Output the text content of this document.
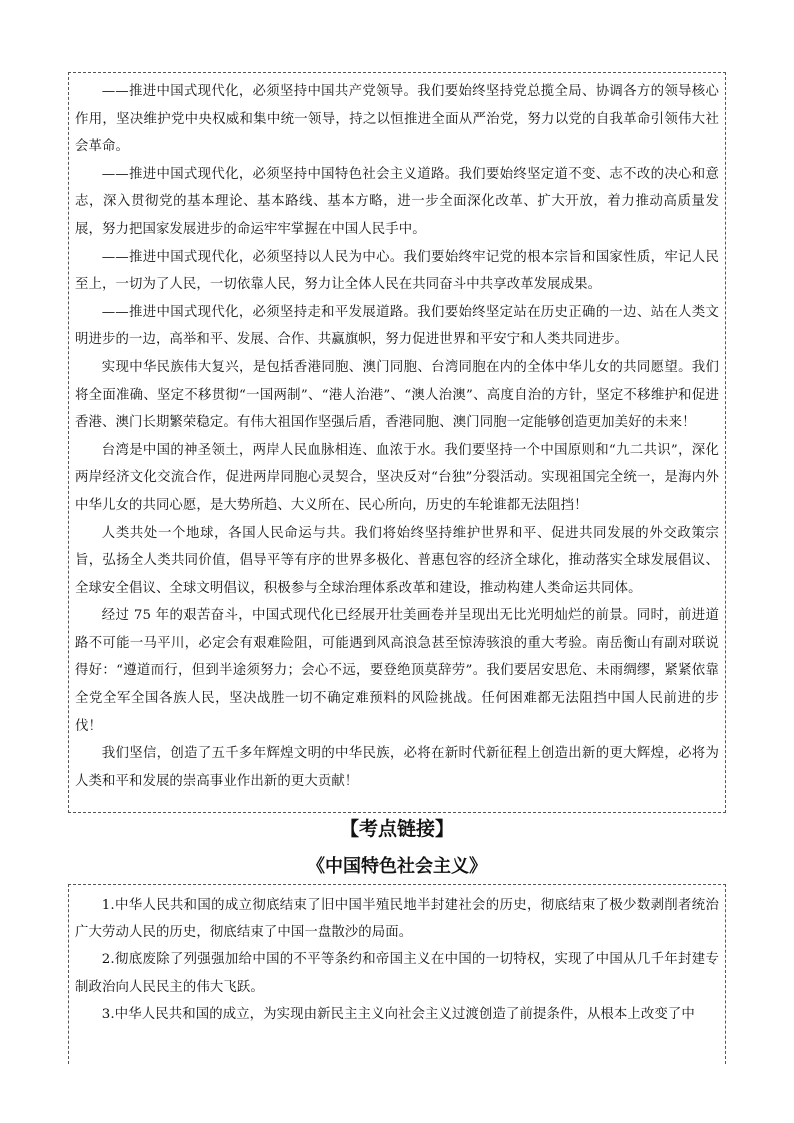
——推进中国式现代化，必须坚持中国共产党领导。我们要始终坚持党总揽全局、协调各方的领导核心作用，坚决维护党中央权威和集中统一领导，持之以恒推进全面从严治党，努力以党的自我革命引领伟大社会革命。

——推进中国式现代化，必须坚持中国特色社会主义道路。我们要始终坚定道不变、志不改的决心和意志，深入贯彻党的基本理论、基本路线、基本方略，进一步全面深化改革、扩大开放，着力推动高质量发展，努力把国家发展进步的命运牢牢掌握在中国人民手中。

——推进中国式现代化，必须坚持以人民为中心。我们要始终牢记党的根本宗旨和国家性质，牢记人民至上，一切为了人民，一切依靠人民，努力让全体人民在共同奋斗中共享改革发展成果。

——推进中国式现代化，必须坚持走和平发展道路。我们要始终坚定站在历史正确的一边、站在人类文明进步的一边，高举和平、发展、合作、共赢旗帜，努力促进世界和平安宁和人类共同进步。

实现中华民族伟大复兴，是包括香港同胞、澳门同胞、台湾同胞在内的全体中华儿女的共同愿望。我们将全面准确、坚定不移贯彻“一国两制”、“港人治港”、“澳人治澳”、高度自治的方针，坚定不移维护和促进香港、澳门长期繁荣稳定。有伟大祖国作坚强后盾，香港同胞、澳门同胞一定能够创造更加美好的未来！

台湾是中国的神圣领土，两岸人民血脉相连、血浓于水。我们要坚持一个中国原则和“九二共识”，深化两岸经济文化交流合作，促进两岸同胞心灵契合，坚决反对“台独”分裂活动。实现祖国完全统一，是海内外中华儿女的共同心愿，是大势所趋、大义所在、民心所向，历史的车轮谁都无法阻挡！

人类共处一个地球，各国人民命运与共。我们将始终坚持维护世界和平、促进共同发展的外交政策宗旨，弘扬全人类共同价值，倡导平等有序的世界多极化、普惠包容的经济全球化，推动落实全球发展倡议、全球安全倡议、全球文明倡议，积极参与全球治理体系改革和建设，推动构建人类命运共同体。

经过 75 年的艰苦奋斗，中国式现代化已经展开壮美画卷并呈现出无比光明灿烂的前景。同时，前进道路不可能一马平川，必定会有艰难险阻，可能遇到风高浪急甚至惊涛骇浪的重大考验。南岳衡山有副对联说得好：“遵道而行，但到半途须努力；会心不远，要登绝顶莫辞劳”。我们要居安思危、未雨绸缪，紧紧依靠全党全军全国各族人民，坚决战胜一切不确定难预料的风险挑战。任何困难都无法阻挡中国人民前进的步伐！

我们坚信，创造了五千多年辉煌文明的中华民族，必将在新时代新征程上创造出新的更大辉煌，必将为人类和平和发展的崇高事业作出新的更大贡献！

【考点链接】
《中国特色社会主义》

1.中华人民共和国的成立彻底结束了旧中国半殖民地半封建社会的历史，彻底结束了极少数剥削者统治广大劳动人民的历史，彻底结束了中国一盘散沙的局面。

2.彻底废除了列强强加给中国的不平等条约和帝国主义在中国的一切特权，实现了中国从几千年封建专制政治向人民民主的伟大飞跃。

3.中华人民共和国的成立，为实现由新民主主义向社会主义过渡创造了前提条件，从根本上改变了中
